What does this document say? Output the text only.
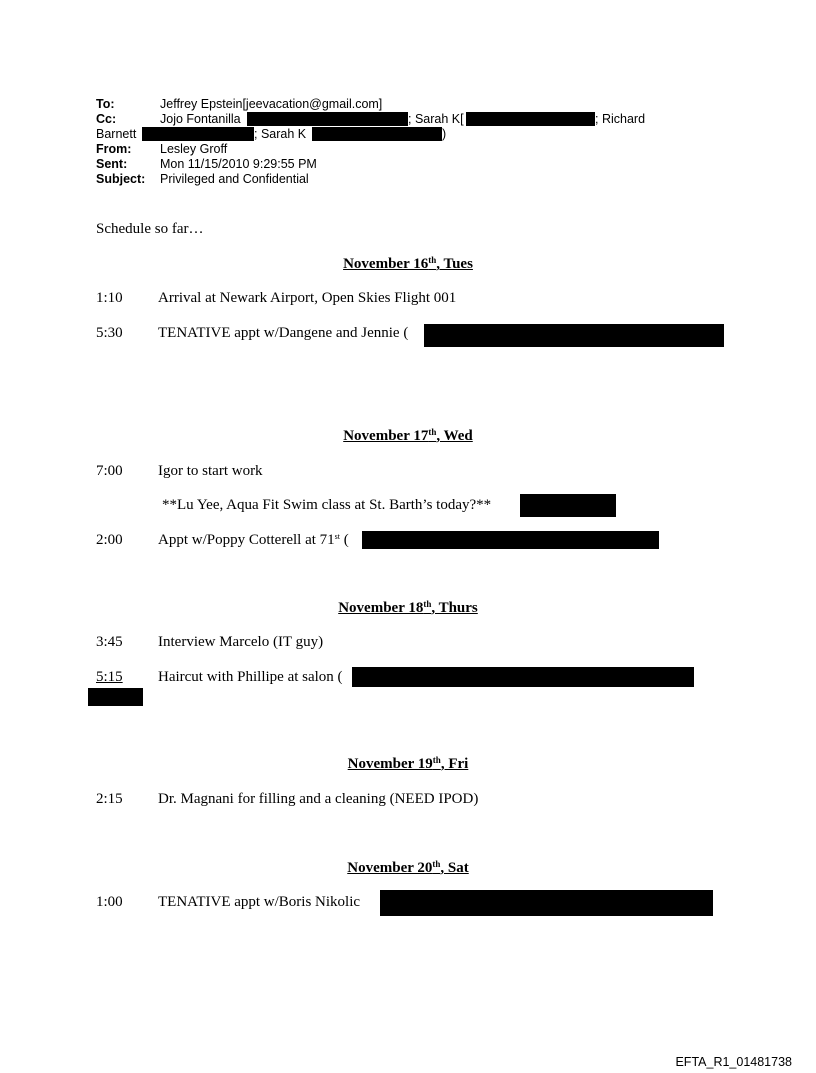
To:	Jeffrey Epstein[jeevacation@gmail.com]
Cc:	Jojo Fontanilla	; Sarah K[	; Richard
Barnett	; Sarah K	)
From: Lesley Groff
Sent:	Mon 11/15/2010 9:29:55 PM
Subject: Privileged and Confidential
Schedule so far…
November 16th, Tues
1:10 Arrival at Newark Airport, Open Skies Flight 001
5:30 TENATIVE appt w/Dangene and Jennie (
November 17th, Wed
7:00 Igor to start work
**Lu Yee, Aqua Fit Swim class at St. Barth’s today?**
2:00 Appt w/Poppy Cotterell at 71st (
November 18th, Thurs
3:45 Interview Marcelo (IT guy)
5:15 Haircut with Phillipe at salon (
November 19th, Fri
2:15 Dr. Magnani for filling and a cleaning (NEED IPOD)
November 20th, Sat
1:00 TENATIVE appt w/Boris Nikolic
EFTA_R1_01481738
